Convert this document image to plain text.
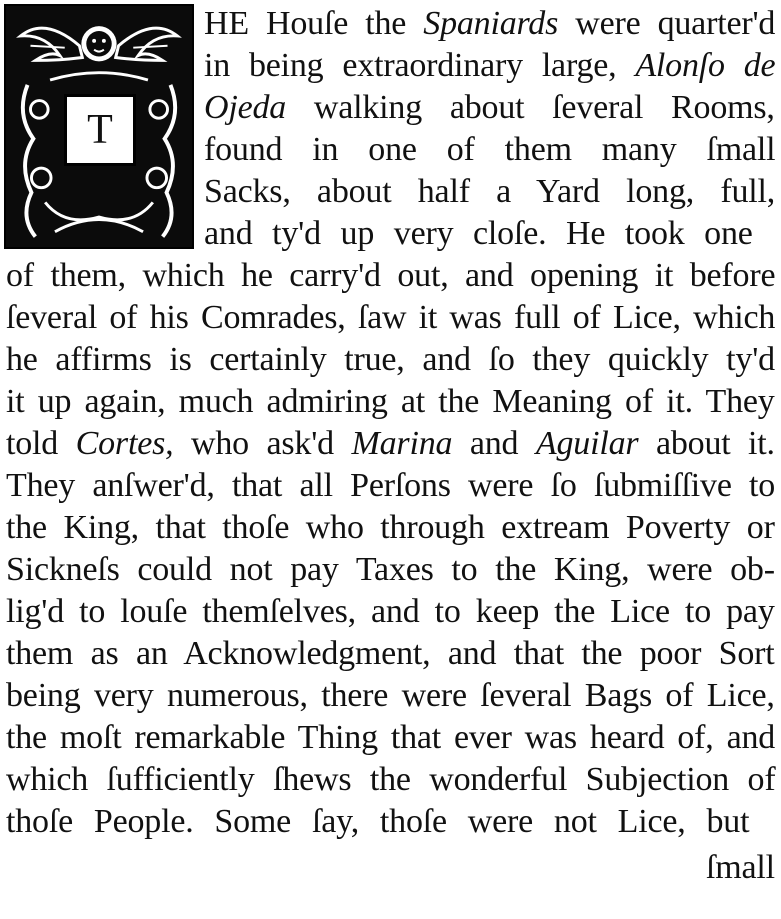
T
HE Houſe the Spaniards were quarter'd
in being extraordinary large, Alonſo de
Ojeda walking about ſeveral Rooms,
found in one of them many ſmall
Sacks, about half a Yard long, full,
and ty'd up very cloſe. He took one
of them, which he carry'd out, and opening it before
ſeveral of his Comrades, ſaw it was full of Lice, which
he affirms is certainly true, and ſo they quickly ty'd
it up again, much admiring at the Meaning of it. They
told Cortes, who ask'd Marina and Aguilar about it.
They anſwer'd, that all Perſons were ſo ſubmiſſive to
the King, that thoſe who through extream Poverty or
Sickneſs could not pay Taxes to the King, were ob-
lig'd to louſe themſelves, and to keep the Lice to pay
them as an Acknowledgment, and that the poor Sort
being very numerous, there were ſeveral Bags of Lice,
the moſt remarkable Thing that ever was heard of, and
which ſufficiently ſhews the wonderful Subjection of
thoſe People. Some ſay, thoſe were not Lice, but
ſmall
